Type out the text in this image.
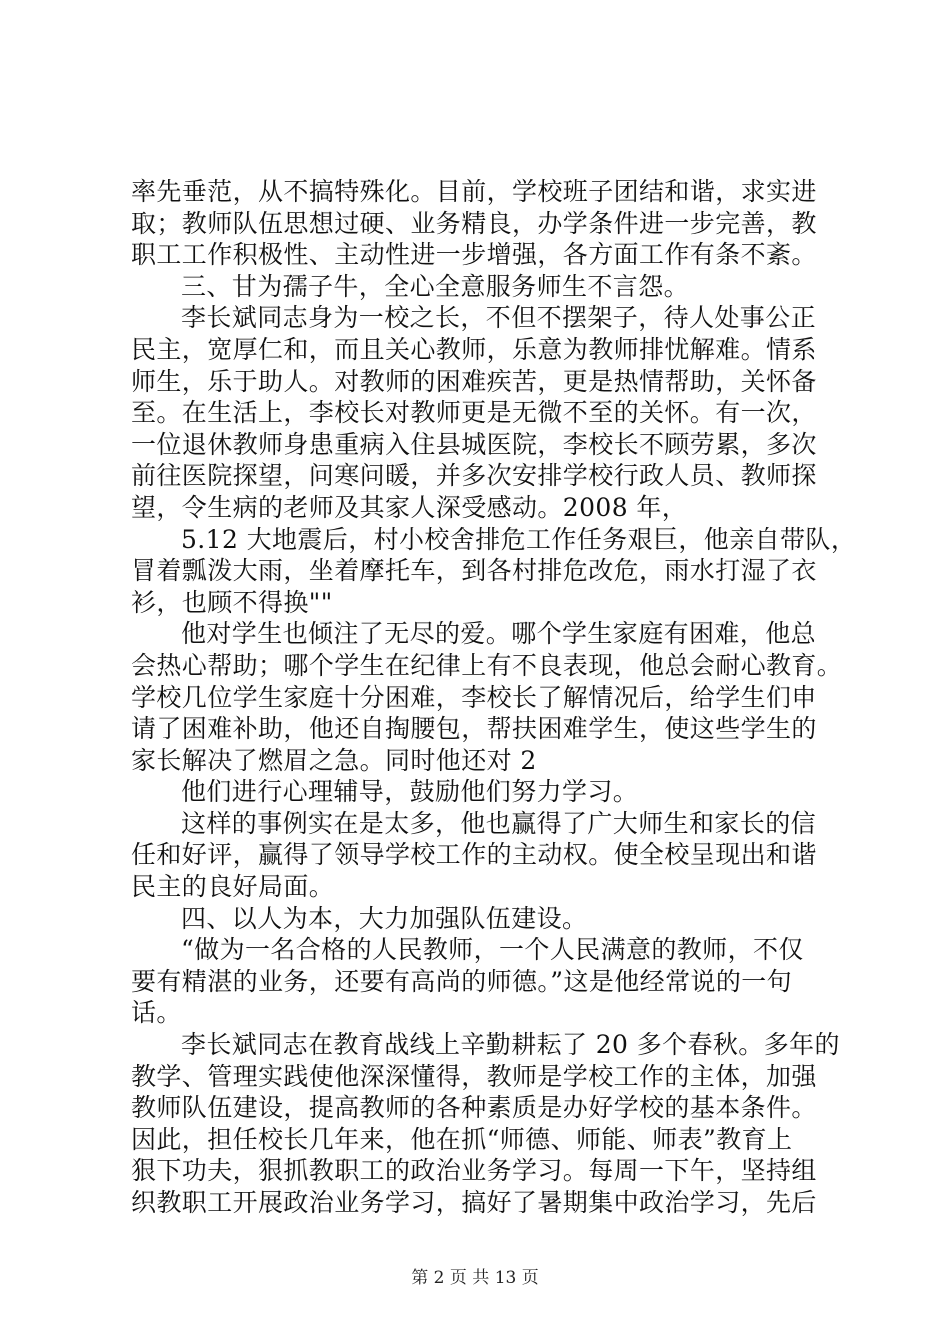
率先垂范，从不搞特殊化。目前，学校班子团结和谐，求实进
取；教师队伍思想过硬、业务精良，办学条件进一步完善，教
职工工作积极性、主动性进一步增强，各方面工作有条不紊。
三、甘为孺子牛，全心全意服务师生不言怨。
李长斌同志身为一校之长，不但不摆架子，待人处事公正
民主，宽厚仁和，而且关心教师，乐意为教师排忧解难。情系
师生，乐于助人。对教师的困难疾苦，更是热情帮助，关怀备
至。在生活上，李校长对教师更是无微不至的关怀。有一次，
一位退休教师身患重病入住县城医院，李校长不顾劳累，多次
前往医院探望，问寒问暖，并多次安排学校行政人员、教师探
望，令生病的老师及其家人深受感动。2008 年，
5.12 大地震后，村小校舍排危工作任务艰巨，他亲自带队，
冒着瓢泼大雨，坐着摩托车，到各村排危改危，雨水打湿了衣
衫，也顾不得换""
他对学生也倾注了无尽的爱。哪个学生家庭有困难，他总
会热心帮助；哪个学生在纪律上有不良表现，他总会耐心教育。
学校几位学生家庭十分困难，李校长了解情况后，给学生们申
请了困难补助，他还自掏腰包，帮扶困难学生，使这些学生的
家长解决了燃眉之急。同时他还对 2
他们进行心理辅导，鼓励他们努力学习。
这样的事例实在是太多，他也赢得了广大师生和家长的信
任和好评，赢得了领导学校工作的主动权。使全校呈现出和谐
民主的良好局面。
四、以人为本，大力加强队伍建设。
“做为一名合格的人民教师，一个人民满意的教师，不仅
要有精湛的业务，还要有高尚的师德。”这是他经常说的一句
话。
李长斌同志在教育战线上辛勤耕耘了 20 多个春秋。多年的
教学、管理实践使他深深懂得，教师是学校工作的主体，加强
教师队伍建设，提高教师的各种素质是办好学校的基本条件。
因此，担任校长几年来，他在抓“师德、师能、师表”教育上
狠下功夫，狠抓教职工的政治业务学习。每周一下午，坚持组
织教职工开展政治业务学习，搞好了暑期集中政治学习，先后
第 2 页 共 13 页
